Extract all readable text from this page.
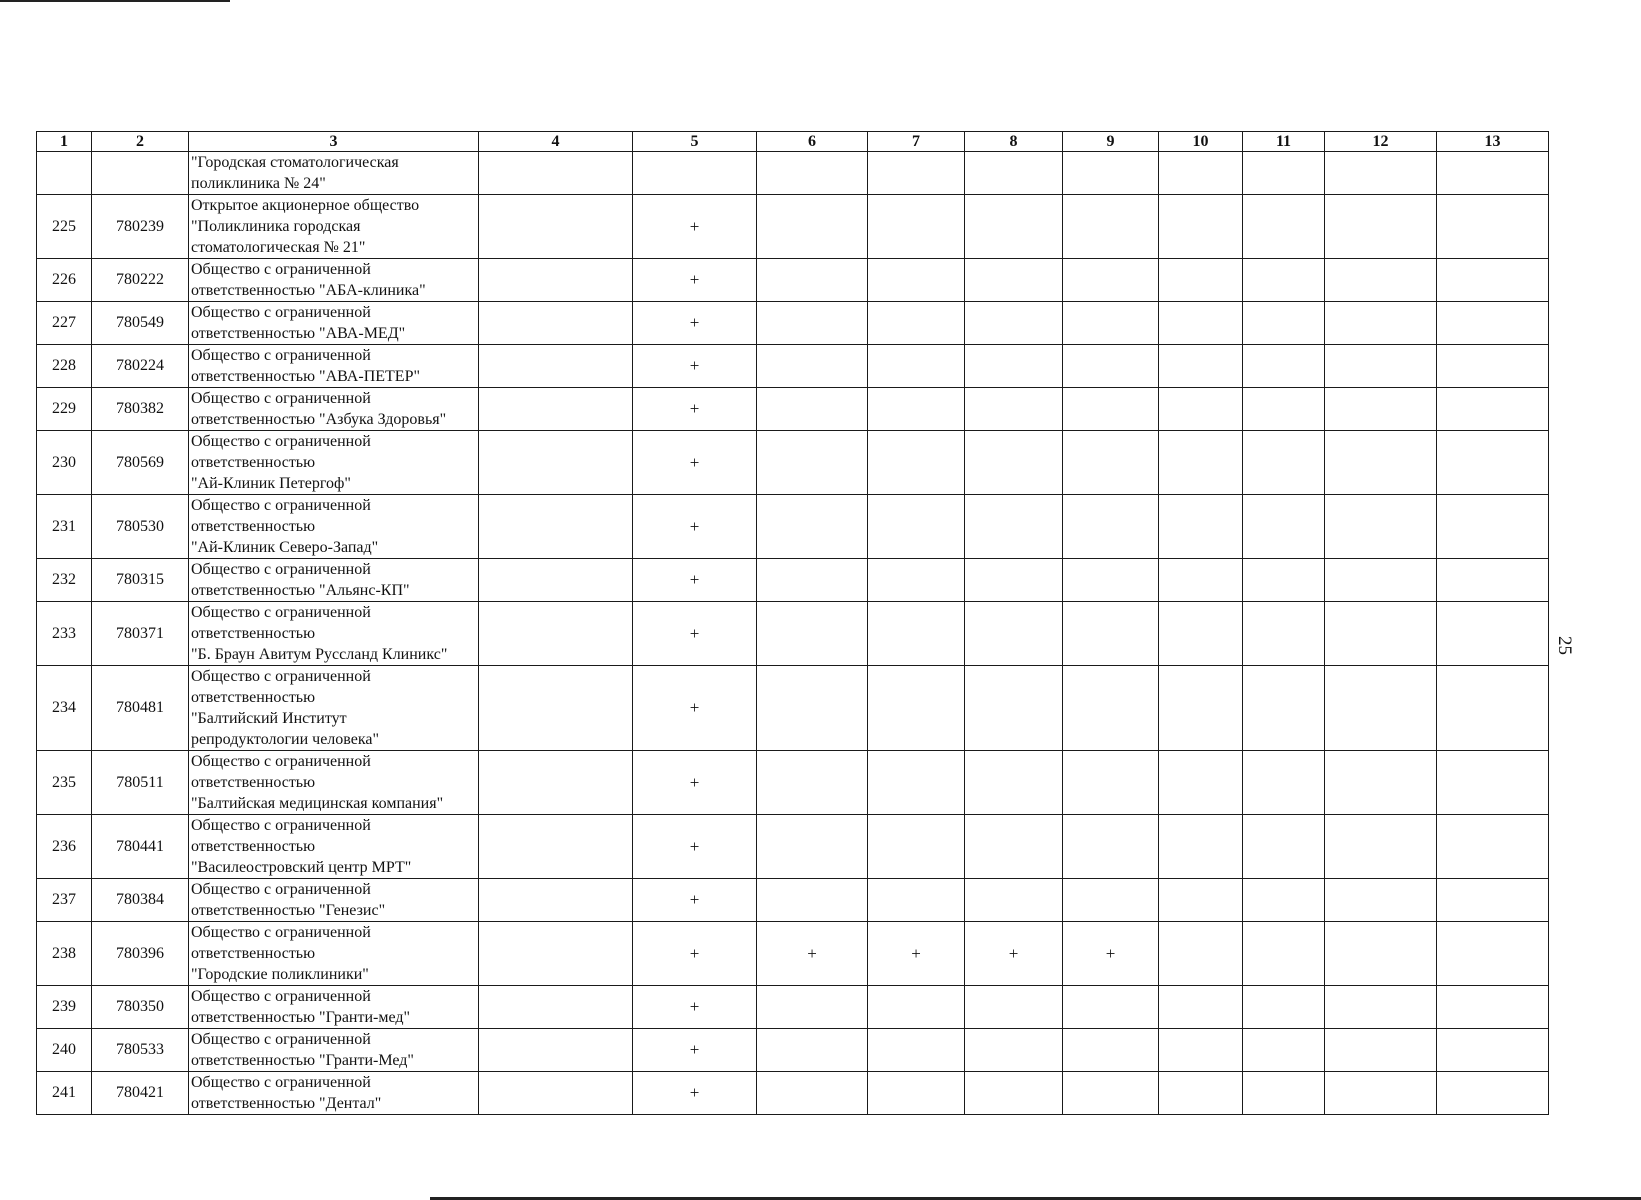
25
1	2	3	4	5	6	7	8	9	10	11	12	13

		"Городская стоматологическая
поликлиника № 24"										

225	780239	Открытое акционерное общество
"Поликлиника городская
стоматологическая № 21"		+								
226	780222	Общество с ограниченной
ответственностью "АБА-клиника"		+								
227	780549	Общество с ограниченной
ответственностью "АВА-МЕД"		+								
228	780224	Общество с ограниченной
ответственностью "АВА-ПЕТЕР"		+								
229	780382	Общество с ограниченной
ответственностью "Азбука Здоровья"		+								
230	780569	Общество с ограниченной
ответственностью
"Ай-Клиник Петергоф"		+								
231	780530	Общество с ограниченной
ответственностью
"Ай-Клиник Северо-Запад"		+								
232	780315	Общество с ограниченной
ответственностью "Альянс-КП"		+								
233	780371	Общество с ограниченной
ответственностью
"Б. Браун Авитум Руссланд Клиникс"		+								
234	780481	Общество с ограниченной
ответственностью
"Балтийский Институт
репродуктологии человека"		+								
235	780511	Общество с ограниченной
ответственностью
"Балтийская медицинская компания"		+								
236	780441	Общество с ограниченной
ответственностью
"Василеостровский центр МРТ"		+								
237	780384	Общество с ограниченной
ответственностью "Генезис"		+								
238	780396	Общество с ограниченной
ответственностью
"Городские поликлиники"		+	+	+	+	+				
239	780350	Общество с ограниченной
ответственностью "Гранти-мед"		+								
240	780533	Общество с ограниченной
ответственностью "Гранти-Мед"		+								
241	780421	Общество с ограниченной
ответственностью "Дентал"		+								
